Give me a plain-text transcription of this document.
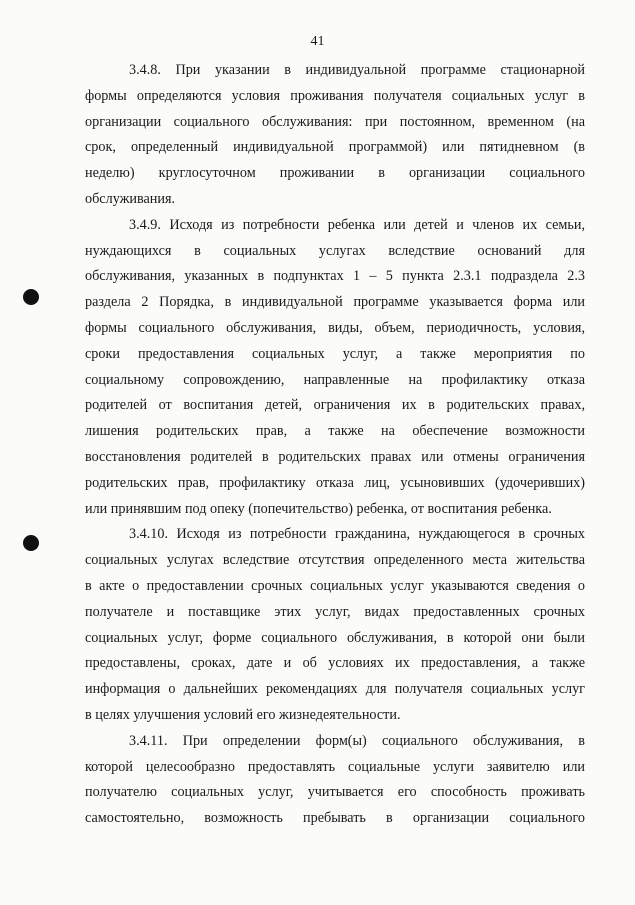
41
3.4.8. При указании в индивидуальной программе стационарной
формы определяются условия проживания получателя социальных услуг в
организации социального обслуживания: при постоянном, временном (на
срок, определенный индивидуальной программой) или пятидневном (в
неделю) круглосуточном проживании в организации социального
обслуживания.
3.4.9. Исходя из потребности ребенка или детей и членов их семьи,
нуждающихся в социальных услугах вследствие оснований для
обслуживания, указанных в подпунктах 1 – 5 пункта 2.3.1 подраздела 2.3
раздела 2 Порядка, в индивидуальной программе указывается форма или
формы социального обслуживания, виды, объем, периодичность, условия,
сроки предоставления социальных услуг, а также мероприятия по
социальному сопровождению, направленные на профилактику отказа
родителей от воспитания детей, ограничения их в родительских правах,
лишения родительских прав, а также на обеспечение возможности
восстановления родителей в родительских правах или отмены ограничения
родительских прав, профилактику отказа лиц, усыновивших (удочеривших)
или принявшим под опеку (попечительство) ребенка, от воспитания ребенка.
3.4.10. Исходя из потребности гражданина, нуждающегося в срочных
социальных услугах вследствие отсутствия определенного места жительства
в акте о предоставлении срочных социальных услуг указываются сведения о
получателе и поставщике этих услуг, видах предоставленных срочных
социальных услуг, форме социального обслуживания, в которой они были
предоставлены, сроках, дате и об условиях их предоставления, а также
информация о дальнейших рекомендациях для получателя социальных услуг
в целях улучшения условий его жизнедеятельности.
3.4.11. При определении форм(ы) социального обслуживания, в
которой целесообразно предоставлять социальные услуги заявителю или
получателю социальных услуг, учитывается его способность проживать
самостоятельно, возможность пребывать в организации социального
